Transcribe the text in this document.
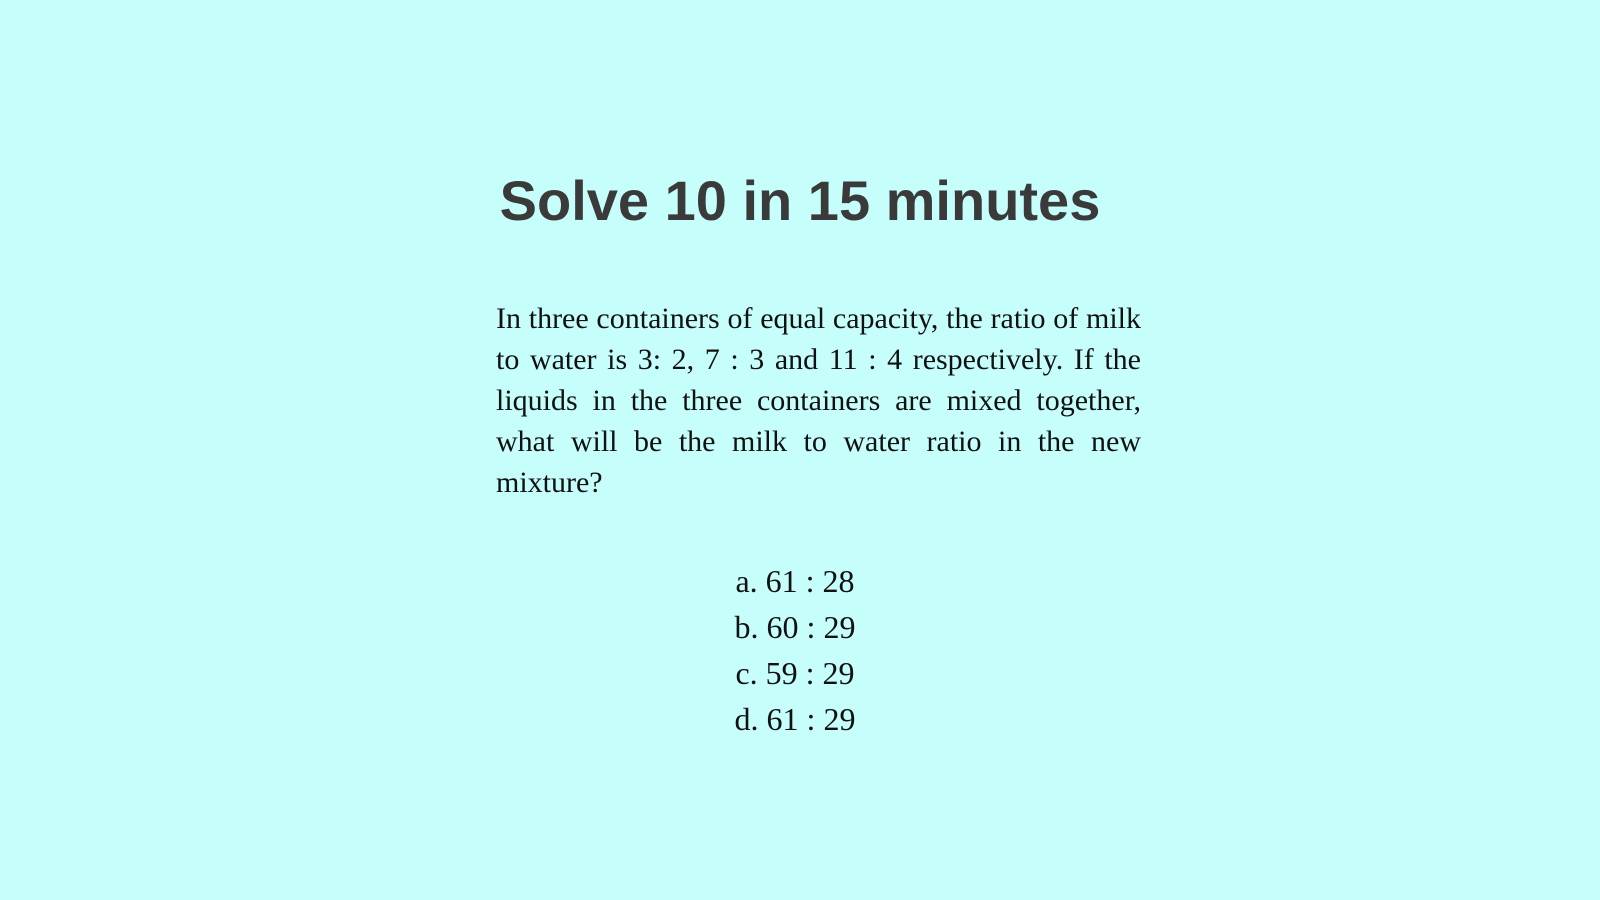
Solve 10 in 15 minutes

In three containers of equal capacity, the ratio of milk to water is 3: 2, 7 : 3 and 11 : 4 respectively. If the liquids in the three containers are mixed together, what will be the milk to water ratio in the new mixture?

a. 61 : 28
b. 60 : 29
c. 59 : 29
d. 61 : 29
